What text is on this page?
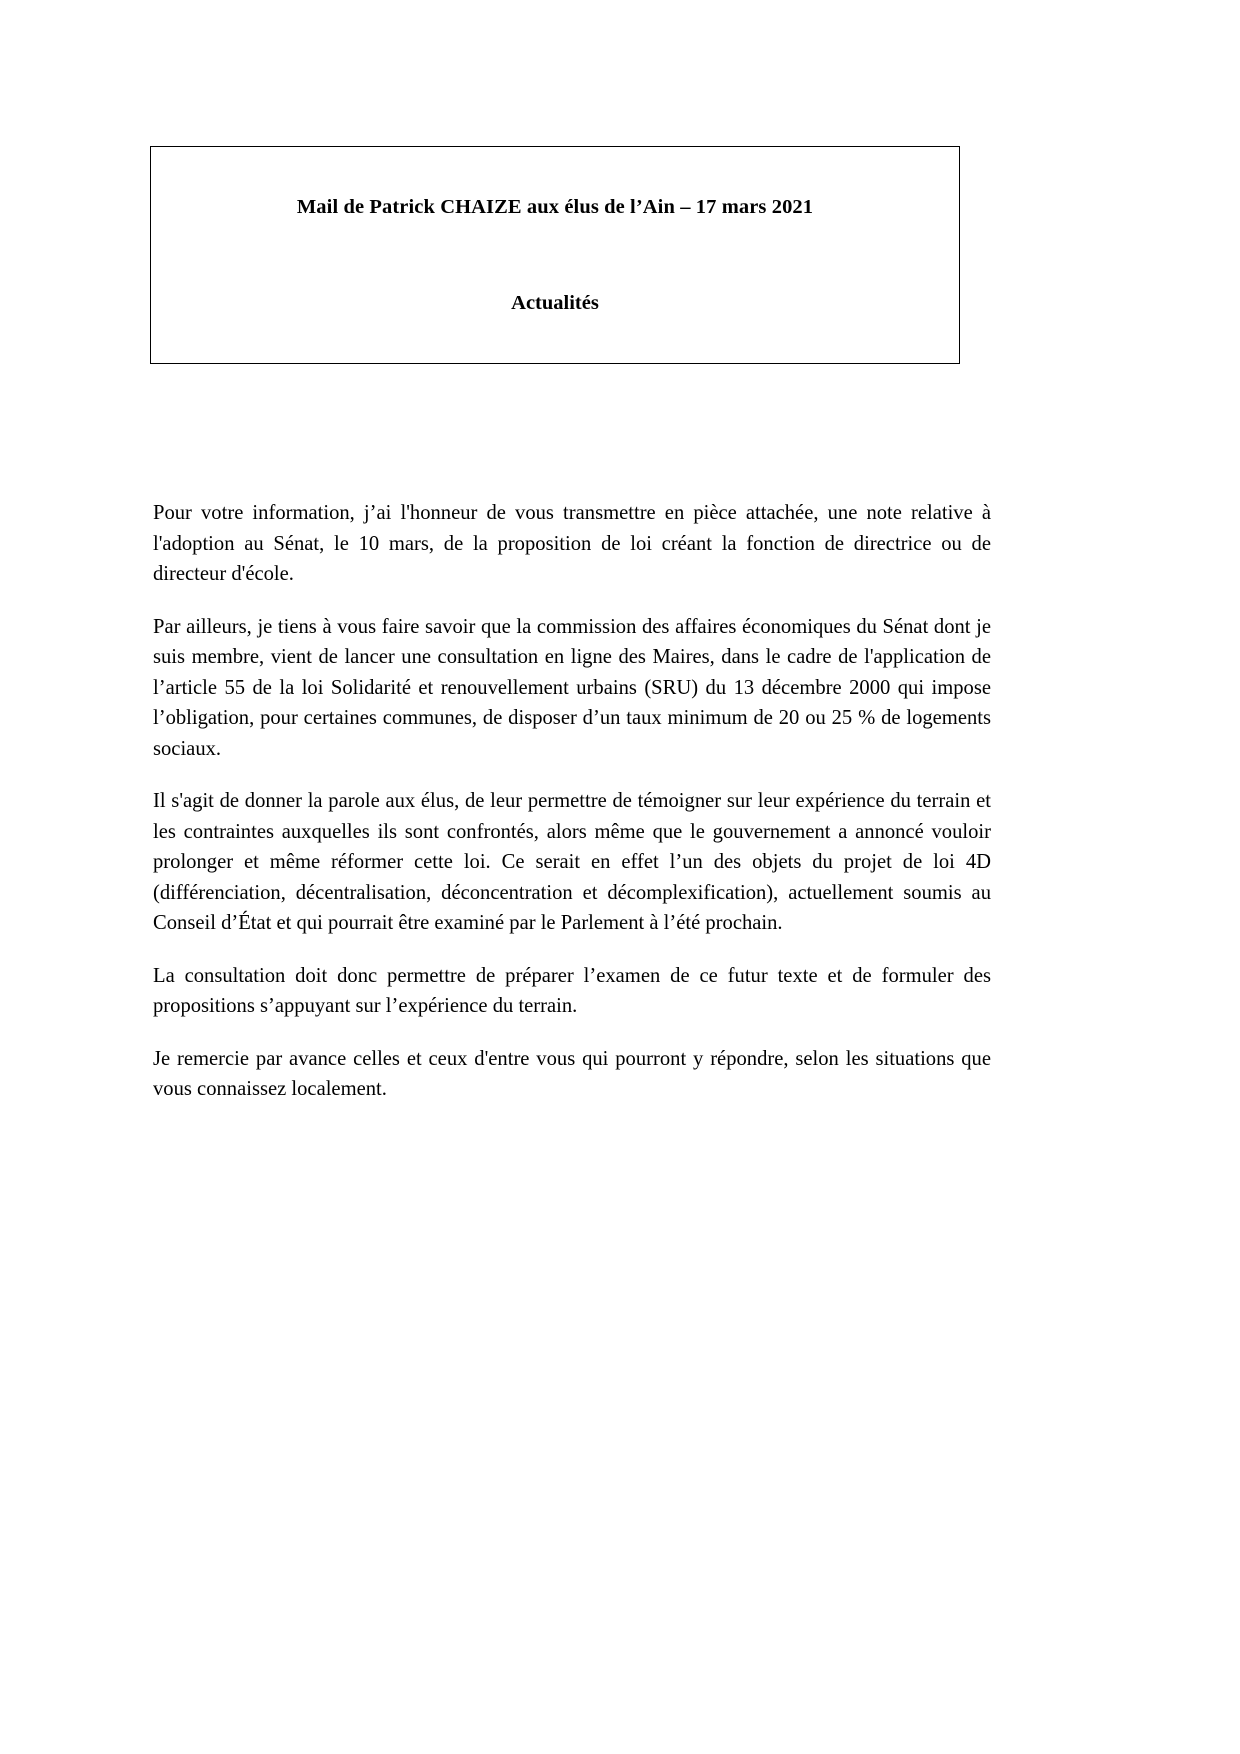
Mail de Patrick CHAIZE aux élus de l’Ain – 17 mars 2021
Actualités

Pour votre information, j’ai l'honneur de vous transmettre en pièce attachée, une note relative à l'adoption au Sénat, le 10 mars, de la proposition de loi créant la fonction de directrice ou de directeur d'école.

Par ailleurs, je tiens à vous faire savoir que la commission des affaires économiques du Sénat dont je suis membre, vient de lancer une consultation en ligne des Maires, dans le cadre de l'application de l’article 55 de la loi Solidarité et renouvellement urbains (SRU) du 13 décembre 2000 qui impose l’obligation, pour certaines communes, de disposer d’un taux minimum de 20 ou 25 % de logements sociaux.

Il s'agit de donner la parole aux élus, de leur permettre de témoigner sur leur expérience du terrain et les contraintes auxquelles ils sont confrontés, alors même que le gouvernement a annoncé vouloir prolonger et même réformer cette loi. Ce serait en effet l’un des objets du projet de loi 4D (différenciation, décentralisation, déconcentration et décomplexification), actuellement soumis au Conseil d’État et qui pourrait être examiné par le Parlement à l’été prochain.

La consultation doit donc permettre de préparer l’examen de ce futur texte et de formuler des propositions s’appuyant sur l’expérience du terrain.

Je remercie par avance celles et ceux d'entre vous qui pourront y répondre, selon les situations que vous connaissez localement.
